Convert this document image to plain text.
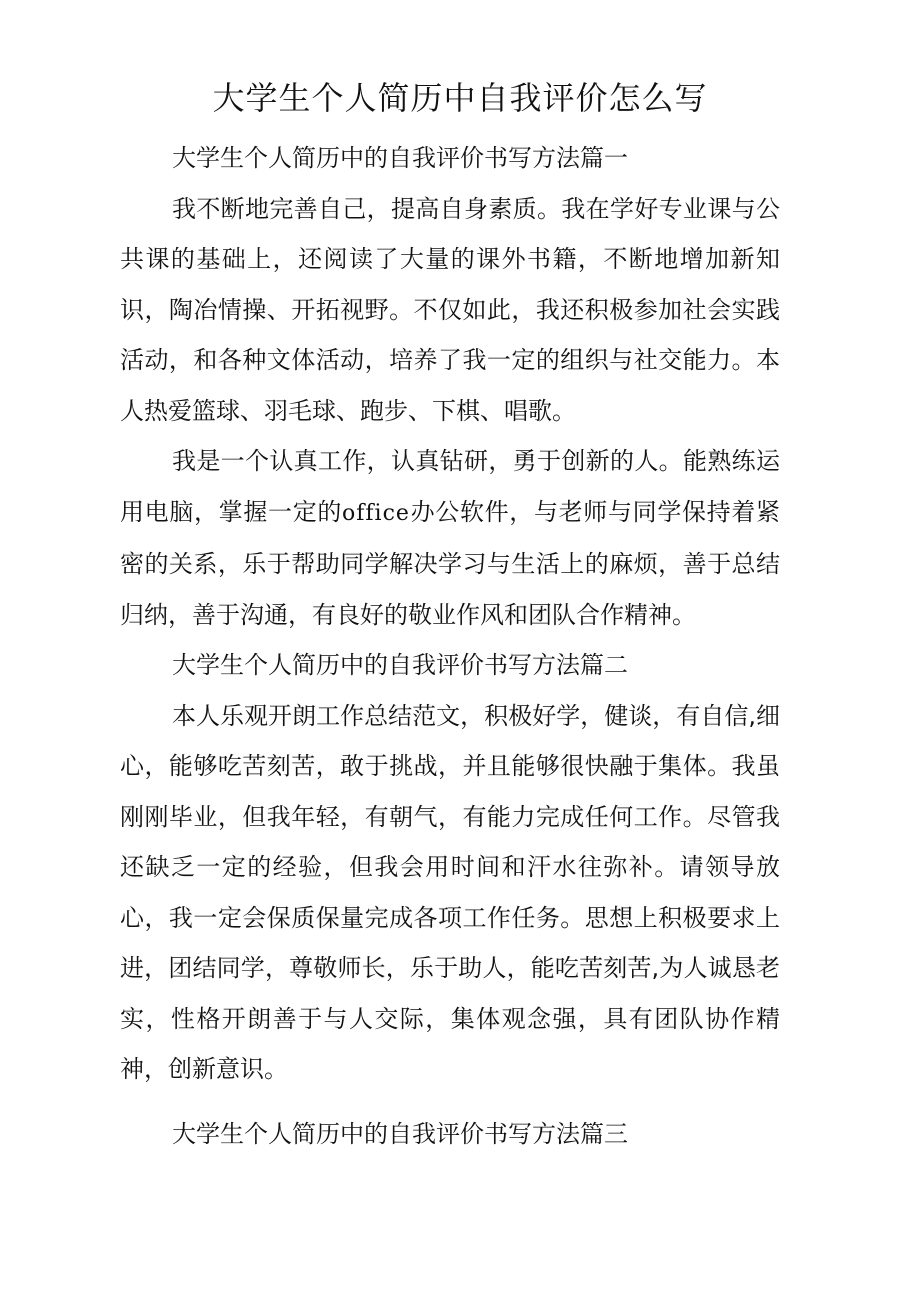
大学生个人简历中自我评价怎么写
大学生个人简历中的自我评价书写方法篇一

我不断地完善自己，提高自身素质。我在学好专业课与公共课的基础上，还阅读了大量的课外书籍，不断地增加新知识，陶冶情操、开拓视野。不仅如此，我还积极参加社会实践活动，和各种文体活动，培养了我一定的组织与社交能力。本人热爱篮球、羽毛球、跑步、下棋、唱歌。

我是一个认真工作，认真钻研，勇于创新的人。能熟练运用电脑，掌握一定的office办公软件，与老师与同学保持着紧密的关系，乐于帮助同学解决学习与生活上的麻烦，善于总结归纳，善于沟通，有良好的敬业作风和团队合作精神。

大学生个人简历中的自我评价书写方法篇二

本人乐观开朗工作总结范文，积极好学，健谈，有自信,细心，能够吃苦刻苦，敢于挑战，并且能够很快融于集体。我虽刚刚毕业，但我年轻，有朝气，有能力完成任何工作。尽管我还缺乏一定的经验，但我会用时间和汗水往弥补。请领导放心，我一定会保质保量完成各项工作任务。思想上积极要求上进，团结同学，尊敬师长，乐于助人，能吃苦刻苦,为人诚恳老实，性格开朗善于与人交际，集体观念强，具有团队协作精神，创新意识。

大学生个人简历中的自我评价书写方法篇三
